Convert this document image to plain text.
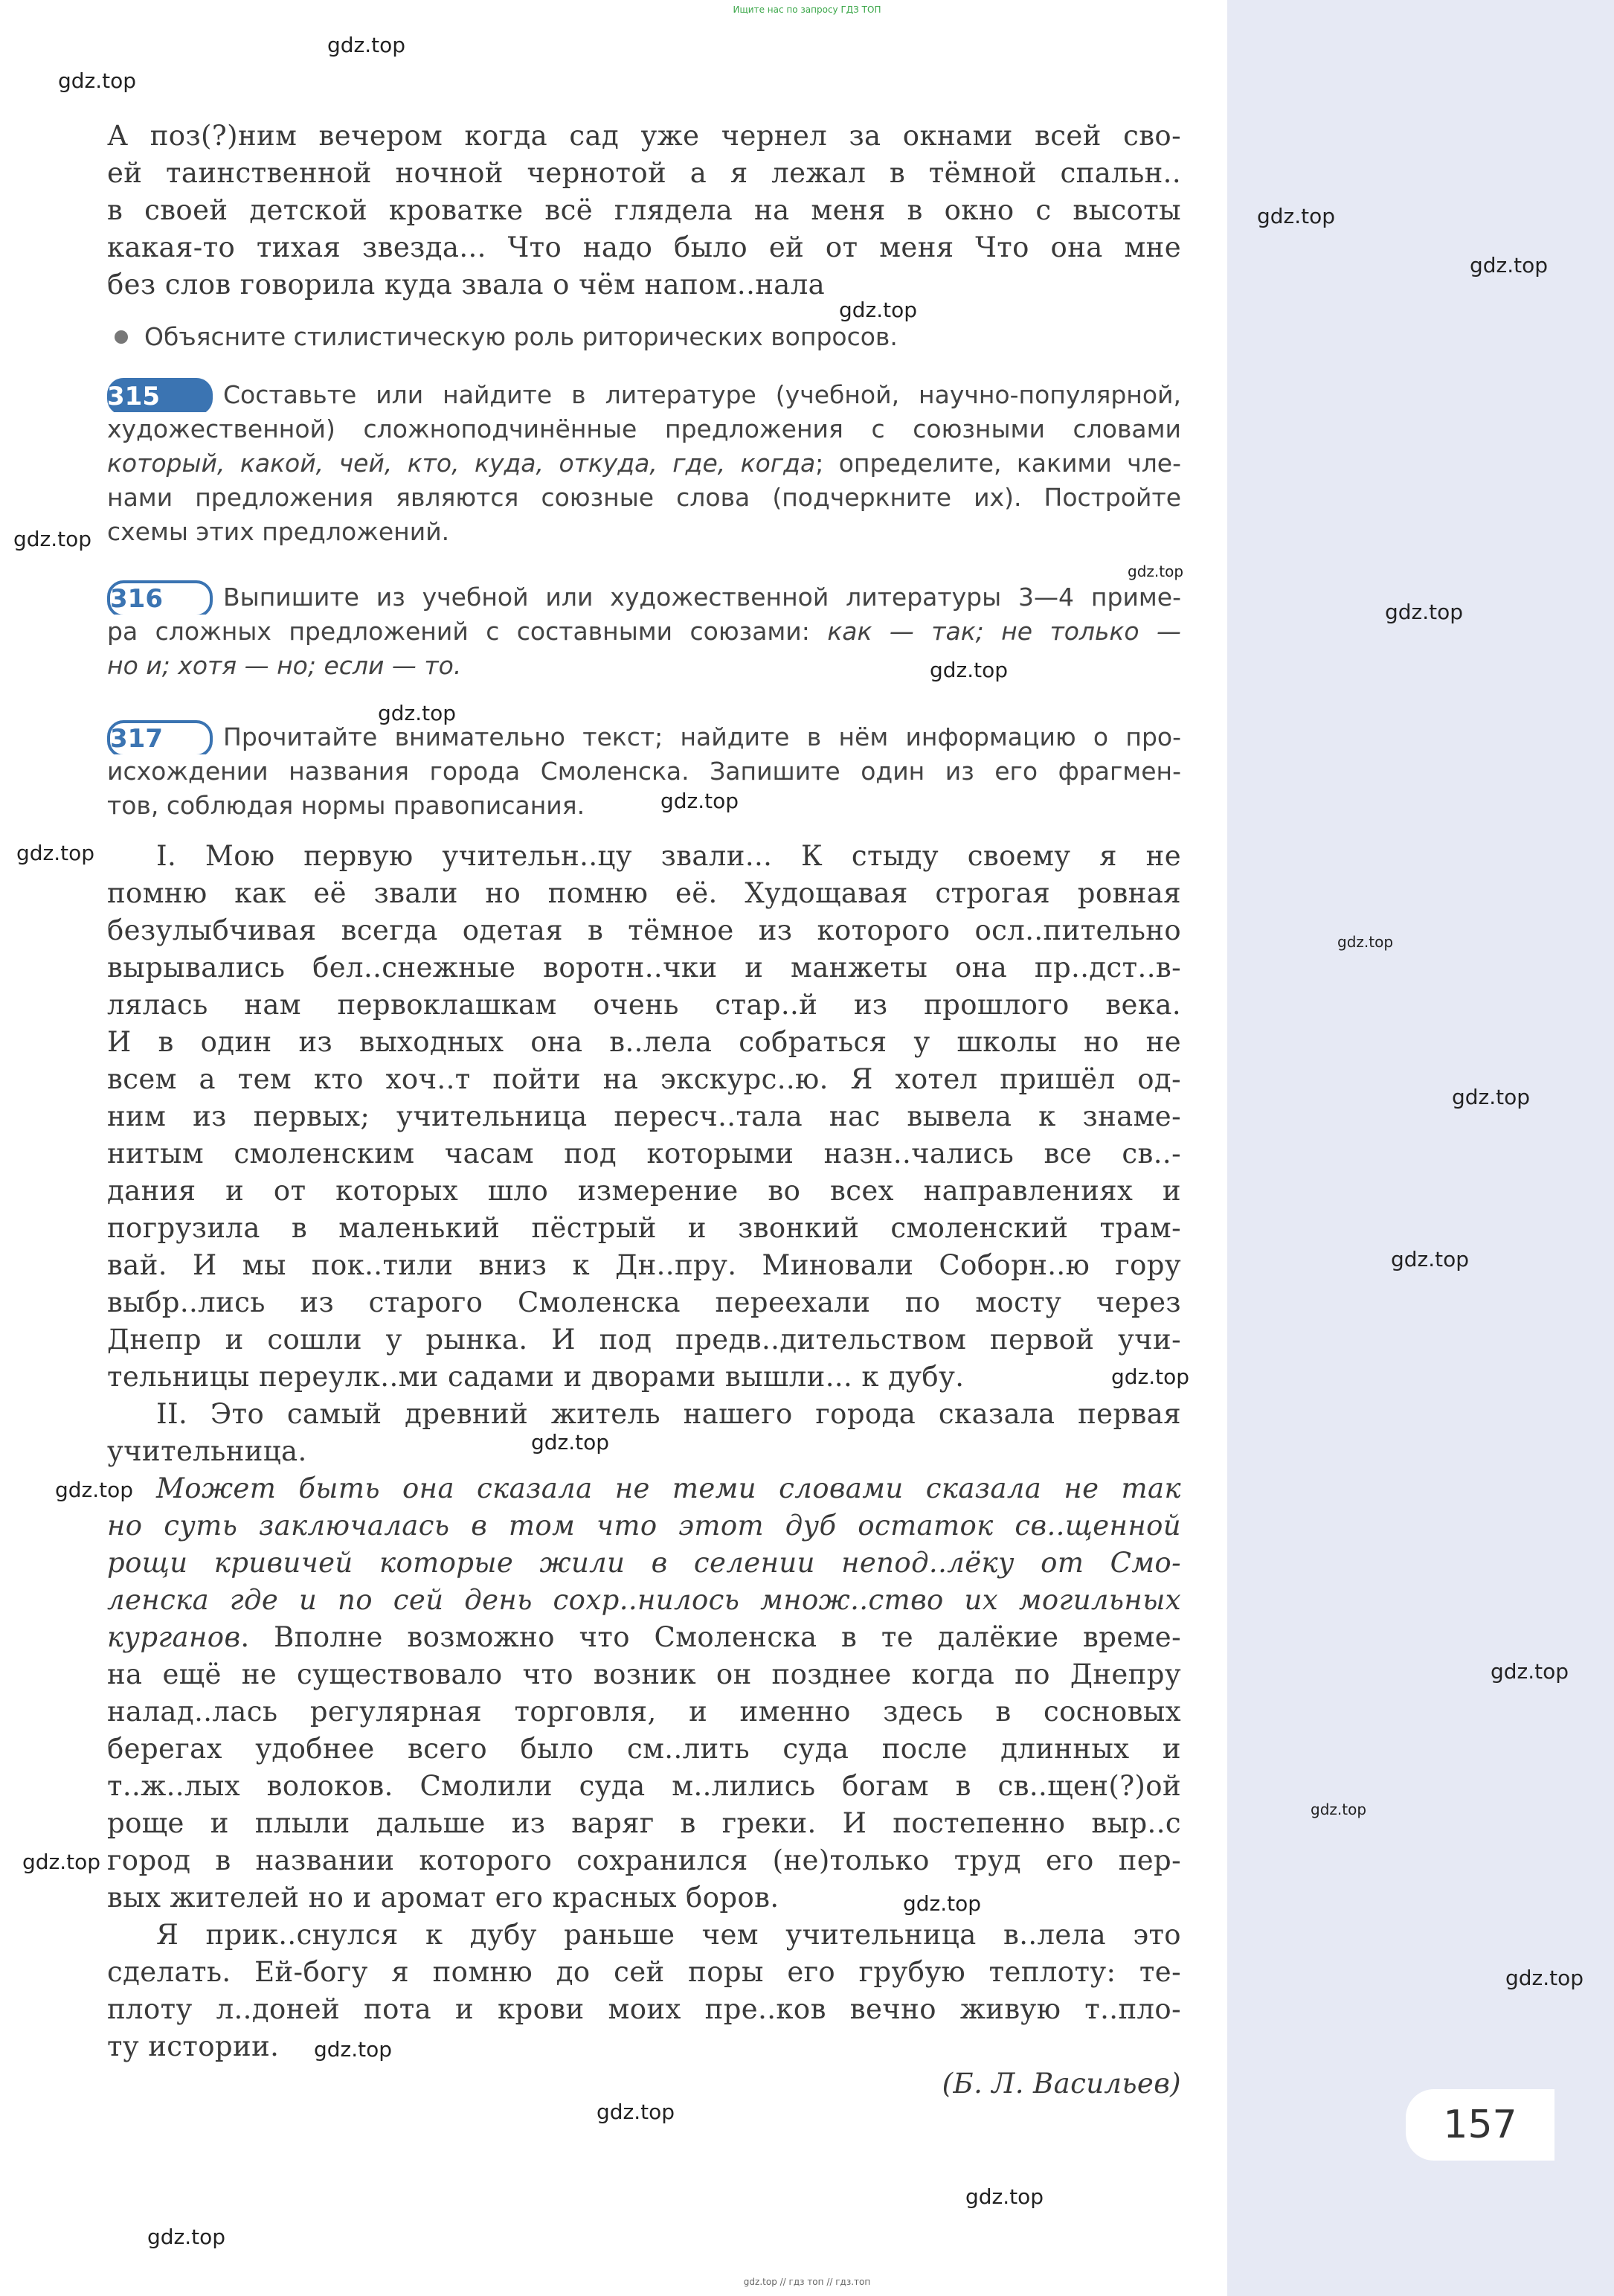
157
Ищите нас по запросу ГДЗ ТОП
gdz.top // гдз топ // гдз.топ
gdz.top
gdz.top
gdz.top
gdz.top
gdz.top
gdz.top
gdz.top
gdz.top
gdz.top
gdz.top
gdz.top
gdz.top
gdz.top
gdz.top
gdz.top
gdz.top
gdz.top
gdz.top
gdz.top
gdz.top
gdz.top
gdz.top
gdz.top
gdz.top
gdz.top
gdz.top
gdz.top
А поз(?)ним вечером когда сад уже чернел за окнами всей сво-
ей таинственной ночной чернотой а я лежал в тёмной спальн..
в своей детской кроватке всё глядела на меня в окно с высоты
какая-то тихая звезда... Что надо было ей от меня Что она мне
без слов говорила куда звала о чём напом..нала
Объясните стилистическую роль риторических вопросов.
315	Составьте или найдите в литературе (учебной, научно-популярной,
художественной) сложноподчинённые предложения с союзными словами
который, какой, чей, кто, куда, откуда, где, когда; определите, какими чле-
нами предложения являются союзные слова (подчеркните их). Постройте
схемы этих предложений.
316 Выпишите из учебной или художественной литературы 3—4 приме-
ра сложных предложений с составными союзами: как — так; не только —
но и; хотя — но; если — то.
317 Прочитайте внимательно текст; найдите в нём информацию о про-
исхождении названия города Смоленска. Запишите один из его фрагмен-
тов, соблюдая нормы правописания.
I. Мою первую учительн..цу звали... К стыду своему я не
помню как её звали но помню её. Худощавая строгая ровная
безулыбчивая всегда одетая в тёмное из которого осл..пительно
вырывались бел..снежные воротн..чки и манжеты она пр..дст..в-
лялась нам первоклашкам очень стар..й из прошлого века.
И в один из выходных она в..лела собраться у школы но не
всем а тем кто хоч..т пойти на экскурс..ю. Я хотел пришёл од-
ним из первых; учительница пересч..тала нас вывела к знаме-
нитым смоленским часам под которыми назн..чались все св..-
дания и от которых шло измерение во всех направлениях и
погрузила в маленький пёстрый и звонкий смоленский трам-
вай. И мы пок..тили вниз к Дн..пру. Миновали Соборн..ю гору
выбр..лись из старого Смоленска переехали по мосту через
Днепр и сошли у рынка. И под предв..дительством первой учи-
тельницы переулк..ми садами и дворами вышли... к дубу.
II. Это самый древний житель нашего города сказала первая
учительница.
Может быть она сказала не теми словами сказала не так
но суть заключалась в том что этот дуб остаток св..щенной
рощи кривичей которые жили в селении непод..лёку от Смо-
ленска где и по сей день сохр..нилось множ..ство их могильных
курганов. Вполне возможно что Смоленска в те далёкие време-
на ещё не существовало что возник он позднее когда по Днепру
налад..лась регулярная торговля, и именно здесь в сосновых
берегах удобнее всего было см..лить суда после длинных и
т..ж..лых волоков. Смолили суда м..лились богам в св..щен(?)ой
роще и плыли дальше из варяг в греки. И постепенно выр..с
город в названии которого сохранился (не)только труд его пер-
вых жителей но и аромат его красных боров.
Я прик..снулся к дубу раньше чем учительница в..лела это
сделать. Ей-богу я помню до сей поры его грубую теплоту: те-
плоту л..доней пота и крови моих пре..ков вечно живую т..пло-
ту истории.
(Б. Л. Васильев)
